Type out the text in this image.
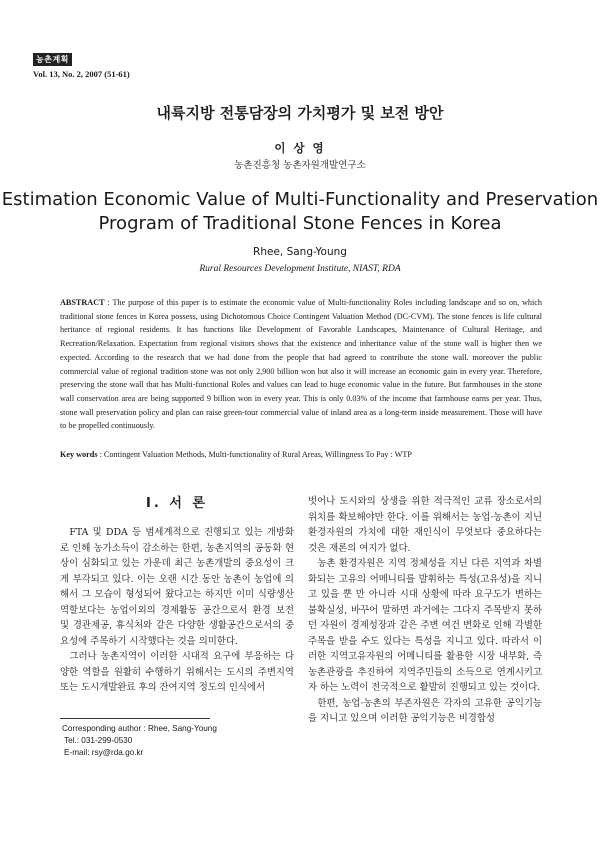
농촌계획
Vol. 13, No. 2, 2007 (51-61)
내륙지방 전통담장의 가치평가 및 보전 방안
이 상 영
농촌진흥청 농촌자원개발연구소
Estimation Economic Value of Multi-Functionality and Preservation
Program of Traditional Stone Fences in Korea
Rhee, Sang-Young
Rural Resources Development Institute, NIAST, RDA
ABSTRACT : The purpose of this paper is to estimate the economic value of Multi-functionality Roles including landscape and so on, which traditional stone fences in Korea possess, using Dichotomous Choice Contingent Valuation Method (DC-CVM). The stone fences is life cultural heritance of regional residents. It has functions like Development of Favorable Landscapes, Maintenance of Cultural Heritage, and Recreation/Relaxation. Expectation from regional visitors shows that the existence and inheritance value of the stone wall is higher then we expected. According to the research that we had done from the people that had agreed to contribute the stone wall. moreover the public commercial value of regional tradition stone was not only 2,900 billion won but also it will increase an economic gain in every year. Therefore, preserving the stone wall that has Multi-functional Roles and values can lead to huge economic value in the future. But farmhouses in the stone wall conservation area are being supported 9 billion won in every year. This is only 0.03% of the income that farmhouse earns per year. Thus, stone wall preservation policy and plan can raise green-tour commercial value of inland area as a long-term inside measurement. Those will have to be propelled continuously.
Key words : Contingent Valuation Methods, Multi-functionality of Rural Areas, Willingness To Pay : WTP
I. 서 론

FTA 및 DDA 등 범세계적으로 진행되고 있는 개방화로 인해 농가소득이 감소하는 한편, 농촌지역의 공동화 현상이 심화되고 있는 가운데 최근 농촌개발의 중요성이 크게 부각되고 있다. 이는 오랜 시간 동안 농촌이 농업에 의해서 그 모습이 형성되어 왔다고는 하지만 이미 식량생산 역할보다는 농업이외의 경제활동 공간으로서 환경 보전 및 경관제공, 휴식처와 같은 다양한 생활공간으로서의 중요성에 주목하기 시작했다는 것을 의미한다.

그러나 농촌지역이 이러한 시대적 요구에 부응하는 다양한 역할을 원활히 수행하기 위해서는 도시의 주변지역 또는 도시개발완료 후의 잔여지역 정도의 인식에서

벗어나 도시와의 상생을 위한 적극적인 교류 장소로서의 위치를 확보해야만 한다. 이를 위해서는 농업·농촌이 지닌 환경자원의 가치에 대한 재인식이 무엇보다 중요하다는 것은 재론의 여지가 없다.

농촌 환경자원은 지역 정체성을 지닌 다른 지역과 차별화되는 고유의 어메니티를 발휘하는 특성(고유성)을 지니고 있을 뿐 만 아니라 시대 상황에 따라 요구도가 변하는 불확실성, 바꾸어 말하면 과거에는 그다지 주목받지 못하던 자원이 경제성장과 같은 주변 여건 변화로 인해 각별한 주목을 받을 수도 있다는 특성을 지니고 있다. 따라서 이러한 지역고유자원의 어메니티를 활용한 시장 내부화, 즉 농촌관광을 추진하여 지역주민들의 소득으로 연계시키고자 하는 노력이 전국적으로 활발히 진행되고 있는 것이다.

한편, 농업·농촌의 부존자원은 각자의 고유한 공익기능을 지니고 있으며 이러한 공익기능은 비경합성

Corresponding author : Rhee, Sang-Young
Tel.: 031-299-0530
E-mail: rsy@rda.go.kr
